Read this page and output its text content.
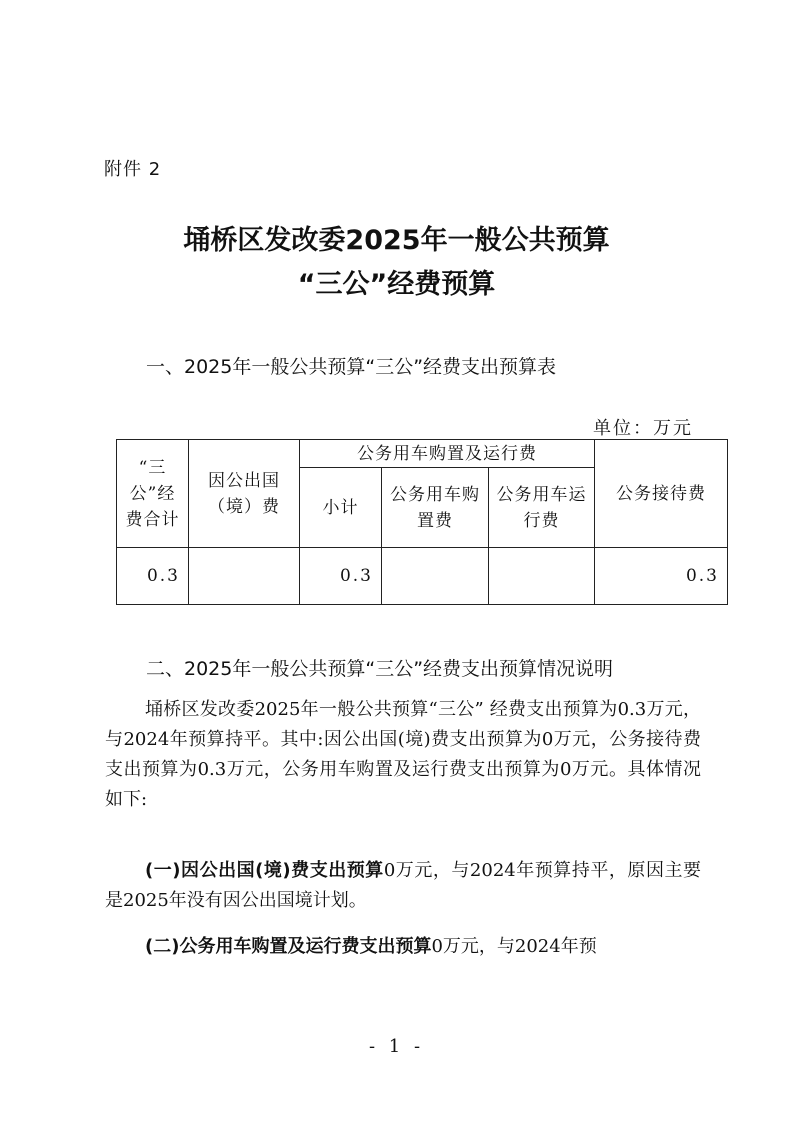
附件 2
埇桥区发改委2025年一般公共预算
“三公”经费预算
一、2025年一般公共预算“三公”经费支出预算表
单位：万元
“三公”经费合计	因公出国（境）费	公务用车购置及运行费			公务接待费
		小计	公务用车购置费	公务用车运行费	
0.3		0.3			0.3
二、2025年一般公共预算“三公”经费支出预算情况说明

埇桥区发改委2025年一般公共预算“三公” 经费支出预算为0.3万元，与2024年预算持平。其中:因公出国(境)费支出预算为0万元，公务接待费支出预算为0.3万元，公务用车购置及运行费支出预算为0万元。具体情况如下:

(一)因公出国(境)费支出预算0万元，与2024年预算持平，原因主要是2025年没有因公出国境计划。

(二)公务用车购置及运行费支出预算0万元，与2024年预

- 1 -
